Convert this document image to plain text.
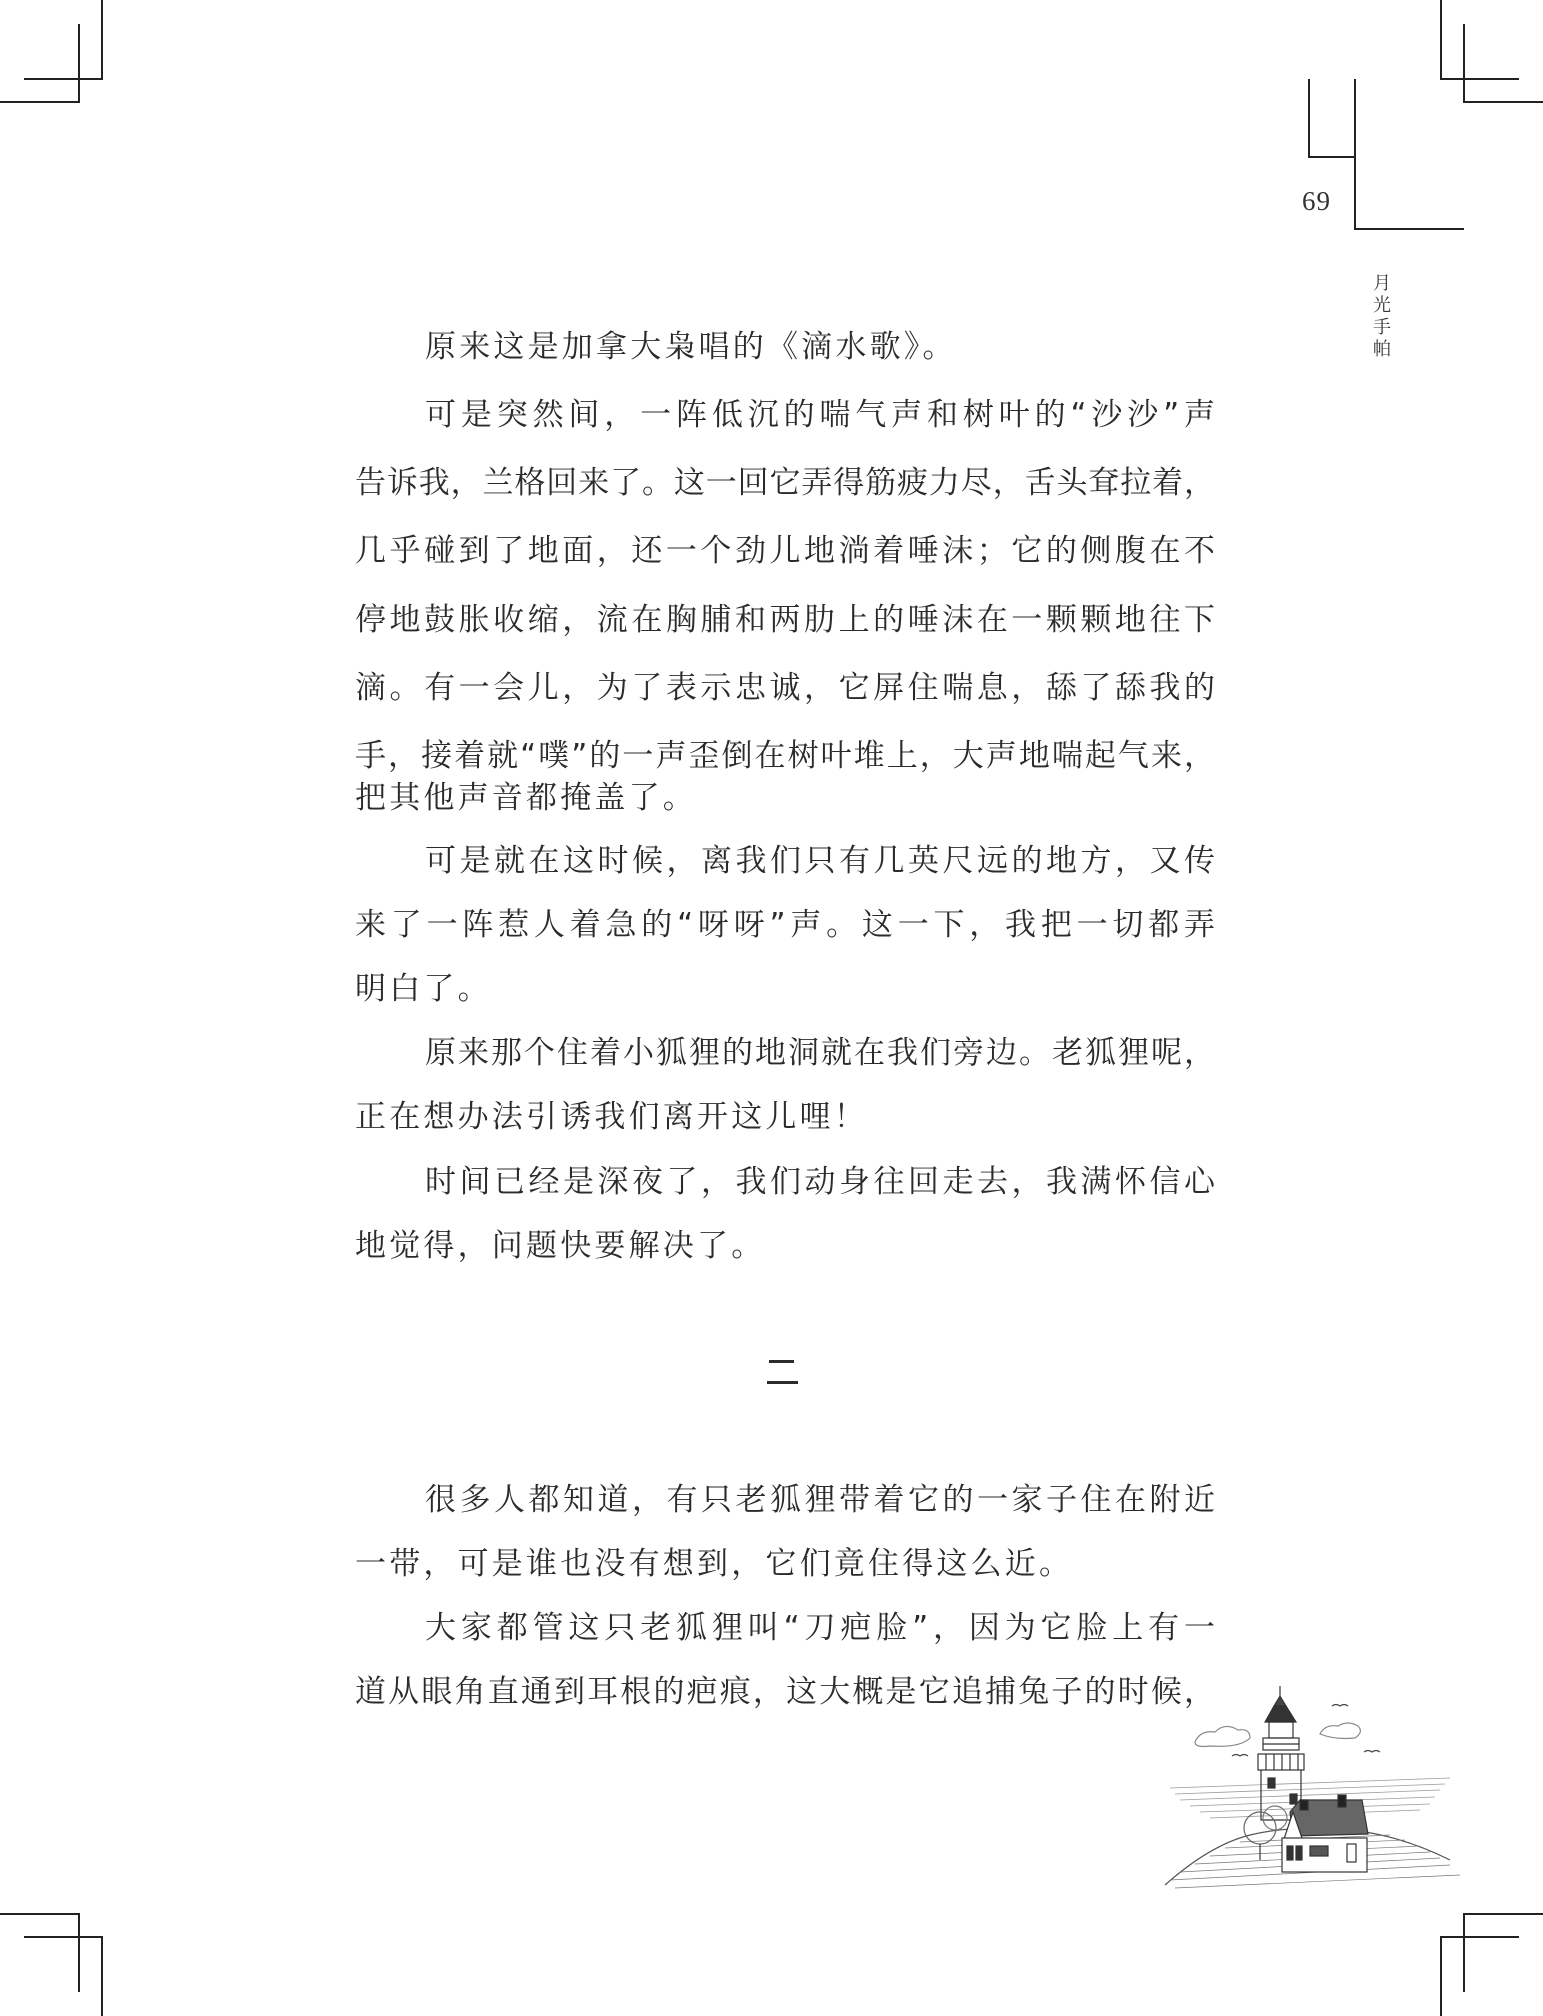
69
月光手帕
原来这是加拿大枭唱的《滴水歌》。
可是突然间，一阵低沉的喘气声和树叶的“沙沙”声
告诉我，兰格回来了。这一回它弄得筋疲力尽，舌头耷拉着，
几乎碰到了地面，还一个劲儿地淌着唾沫；它的侧腹在不
停地鼓胀收缩，流在胸脯和两肋上的唾沫在一颗颗地往下
滴。有一会儿，为了表示忠诚，它屏住喘息，舔了舔我的
手，接着就“噗”的一声歪倒在树叶堆上，大声地喘起气来，
把其他声音都掩盖了。
可是就在这时候，离我们只有几英尺远的地方，又传
来了一阵惹人着急的“呀呀”声。这一下，我把一切都弄
明白了。
原来那个住着小狐狸的地洞就在我们旁边。老狐狸呢，
正在想办法引诱我们离开这儿哩！
时间已经是深夜了，我们动身往回走去，我满怀信心
地觉得，问题快要解决了。
很多人都知道，有只老狐狸带着它的一家子住在附近
一带，可是谁也没有想到，它们竟住得这么近。
大家都管这只老狐狸叫“刀疤脸”，因为它脸上有一
道从眼角直通到耳根的疤痕，这大概是它追捕兔子的时候，
